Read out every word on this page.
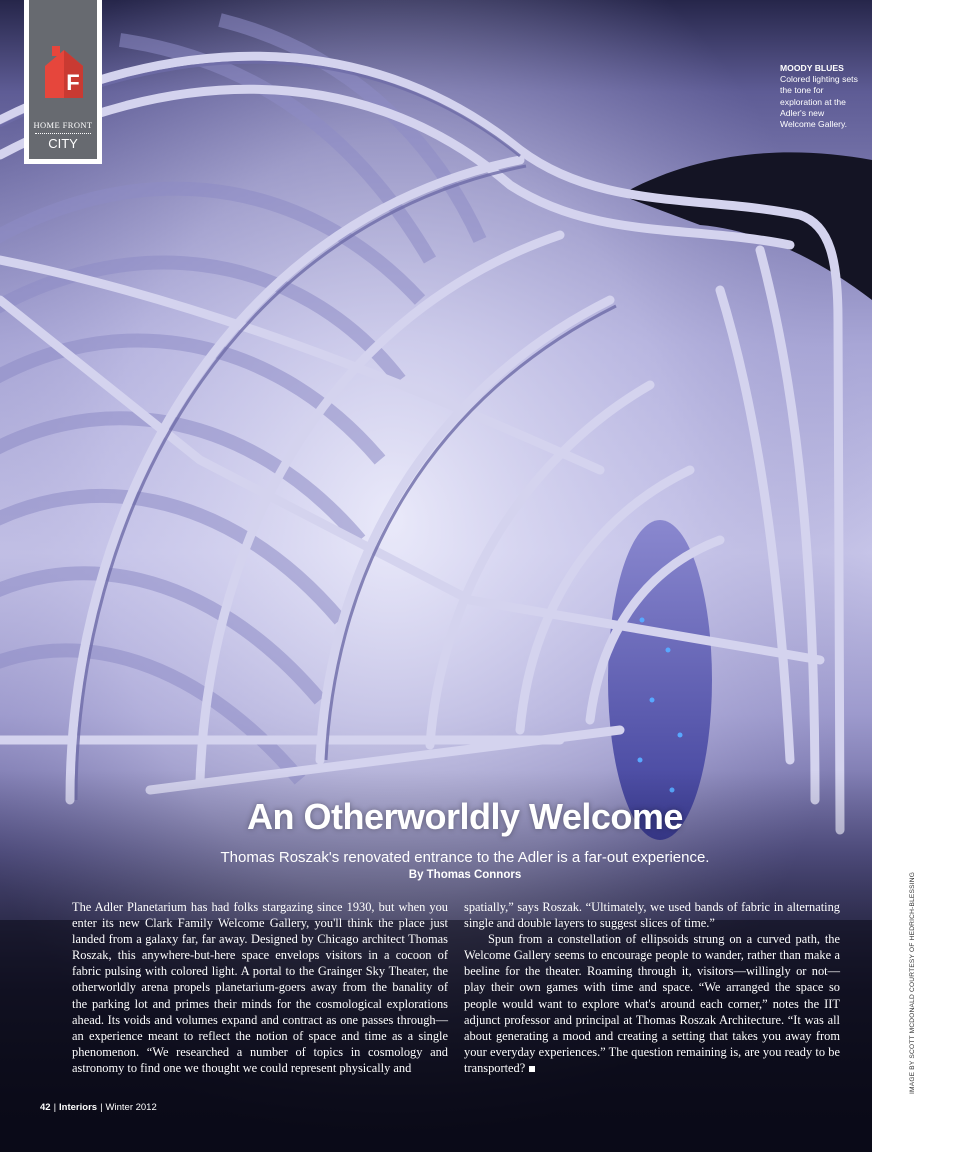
F
HOME FRONT
CITY
MOODY BLUES
Colored lighting sets the tone for exploration at the Adler's new Welcome Gallery.
An Otherworldly Welcome

Thomas Roszak's renovated entrance to the Adler is a far-out experience.

By Thomas Connors

The Adler Planetarium has had folks stargazing since 1930, but when you enter its new Clark Family Welcome Gallery, you'll think the place just landed from a galaxy far, far away. Designed by Chicago architect Thomas Roszak, this anywhere-but-here space envelops visitors in a cocoon of fabric pulsing with colored light. A portal to the Grainger Sky Theater, the otherworldly arena propels planetarium-goers away from the banality of the parking lot and primes their minds for the cosmological explorations ahead. Its voids and volumes expand and contract as one passes through—an experience meant to reflect the notion of space and time as a single phenomenon. “We researched a number of topics in cosmology and astronomy to find one we thought we could represent physically and

spatially,” says Roszak. “Ultimately, we used bands of fabric in alternating single and double layers to suggest slices of time.”

Spun from a constellation of ellipsoids strung on a curved path, the Welcome Gallery seems to encourage people to wander, rather than make a beeline for the theater. Roaming through it, visitors—willingly or not—play their own games with time and space. “We arranged the space so people would want to explore what's around each corner,” notes the IIT adjunct professor and principal at Thomas Roszak Architecture. “It was all about generating a mood and creating a setting that takes you away from your everyday experiences.” The question remaining is, are you ready to be transported?

42 | Interiors | Winter 2012
IMAGE BY SCOTT MCDONALD COURTESY OF HEDRICH-BLESSING
